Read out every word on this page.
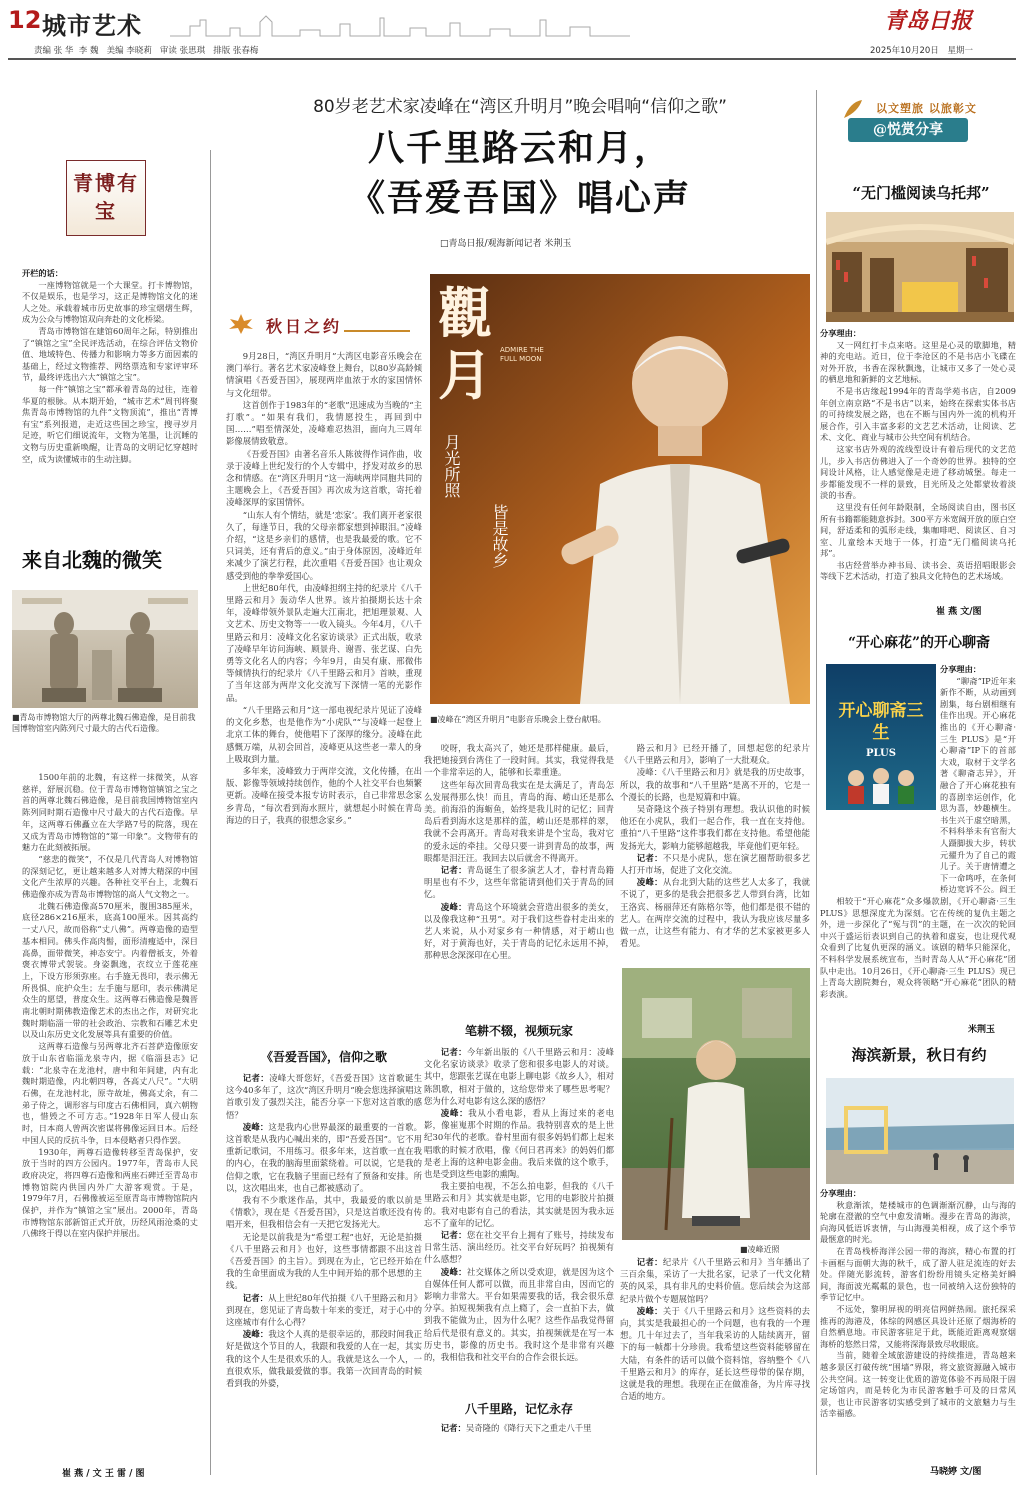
12 城市艺术	青岛日报
责编 张 华  李 魏   美编 李晓莉   审读 张思琪   排版 张春梅	2025年10月20日 星期一
青博有宝
开栏的话：

一座博物馆就是一个大课堂。打卡博物馆，不仅是娱乐，也是学习，这正是博物馆文化的迷人之处。承载着城市历史故事的珍宝熠熠生辉，成为公众与博物馆双向奔赴的文化桥梁。

青岛市博物馆在建馆60周年之际，特别推出了“镇馆之宝”全民评选活动，在综合评估文物价值、地域特色、传播力和影响力等多方面因素的基础上，经过文物推荐、网络票选和专家评审环节，最终评选出六大“镇馆之宝”。

每一件“镇馆之宝”都承着青岛的过往，连着华夏的根脉。从本期开始，“城市艺术”周刊将聚焦青岛市博物馆的九件“文物顶流”，推出“青博有宝”系列报道，走近这些国之珍宝，搜寻岁月足迹，听它们细说流年，文物为笔墨，让沉睡的文物与历史重新唤醒，让青岛的文明记忆穿越时空，成为读懂城市的生动注脚。

来自北魏的微笑
■青岛市博物馆大厅的两尊北魏石佛造像，是目前我国博物馆室内陈列尺寸最大的古代石造像。

1500年前的北魏，有这样一抹微笑，从容慈祥，舒展沉稳。位于青岛市博物馆镇馆之宝之首的两尊北魏石佛造像，是目前我国博物馆室内陈列同时期石造像中尺寸最大的古代石造像。早年，这两尊石佛矗立在大学路7号的院落，现在又成为青岛市博物馆的“第一印象”。文物带有的魅力在此刻被拓展。

“慈悲的微笑”，不仅是几代青岛人对博物馆的深刻记忆，更让越来越多人对博大精深的中国文化产生浓厚的兴趣。各种社交平台上，北魏石佛造像亦成为青岛市博物馆的高人气文物之一。

北魏石佛造像高570厘米，腹围385厘米，底径286×216厘米，底高100厘米。因其高约一丈八尺，故而俗称“丈八佛”。两尊造像的造型基本相同。佛头作高肉髻，面形清瘦适中，深目高鼻，面带微笑，神态安宁。内着僧祇支，外着褒衣博带式袈裟。身姿飘逸，衣纹立于莲花座上，下设方形须弥座。右手施无畏印，表示佛无所畏惧、庇护众生；左手施与愿印，表示佛满足众生的愿望，普度众生。这两尊石佛造像是魏晋南北朝时期佛教造像艺术的杰出之作，对研究北魏时期临淄一带的社会政治、宗教和石雕艺术史以及山东历史文化发展等具有重要的价值。

这两尊石造像与另两尊北齐石菩萨造像原安放于山东省临淄龙泉寺内，据《临淄县志》记载：“北泉寺在龙池村，唐中和年间建，内有北魏时期造像，内北朝四尊，各高丈八尺”。“大明石佛，在龙池村北，原寺故址，佛高丈余，有二弟子侍之，调形容与印度古石佛相同，真六朝物也，惜毁之不可方志。”1928年日军人侵山东时，日本商人曾两次密谋将佛像运回日本。后经中国人民的反抗斗争，日本侵略者只得作罢。

1930年，两尊石造像转移至青岛保护，安放于当时的四方公园内。1977年，青岛市人民政府决定，将四尊石造像和两座石碑迁至青岛市博物馆院内供国内外广大游客观赏。于是，1979年7月，石佛像被运至原青岛市博物馆院内保护，并作为“镇馆之宝”展出。2000年，青岛市博物馆东部新馆正式开放，历经风雨沧桑的丈八佛终于得以在室内保护并展出。

崔 燕 / 文 王 雷 / 图
80岁老艺术家凌峰在“湾区升明月”晚会唱响“信仰之歌”
八千里路云和月，
《吾爱吾国》唱心声
□青岛日报/观海新闻记者 米荆玉
秋日之约 觀月	ADMIRE THE FULL MOON
月光所照
皆是故乡
■凌峰在“湾区升明月”电影音乐晚会上登台献唱。

9月28日，“湾区升明月”大湾区电影音乐晚会在澳门举行。著名艺术家凌峰登上舞台，以80岁高龄倾情演唱《吾爱吾国》，展现两岸血浓于水的家国情怀与文化纽带。

这首创作于1983年的“老歌”迅速成为当晚的“主打歌”。“如果有我们，我情愿投生，再回到中国……”唱至情深处，凌峰难忍热泪，面向九三周年影像展情致敬意。

《吾爱吾国》由著名音乐人陈彼得作词作曲，收录于凌峰上世纪发行的个人专辑中，抒发对故乡的思念和情感。在“湾区升明月”这一海峡两岸同胞共同的主题晚会上，《吾爱吾国》再次成为这首歌，寄托着凌峰深厚的家国情怀。

“山东人有个情结，就是‘恋家’。我们离开老家很久了，每逢节日，我的父母亲都家想到掉眼泪。”凌峰介绍，“这是乡亲们的感情，也是我最爱的歌。它不只词美，还有背后的意义。”由于身体原因，凌峰近年来减少了演艺行程，此次重唱《吾爱吾国》也让观众感受到他的拳拳爱国心。

上世纪80年代，由凌峰担纲主持的纪录片《八千里路云和月》轰动华人世界。该片拍摄期长达十余年，凌峰带领外景队走遍大江南北，把旭理景观、人文艺术、历史文物等一一收入镜头。今年4月，《八千里路云和月：凌峰文化名家访谈录》正式出版，收录了凌峰早年访问海峡、顾景舟、谢晋、张艺谋、白先勇等文化名人的内容；今年9月，由吴有康、邢微伟等倾情执行的纪录片《八千里路云和月》首映，重现了当年这部为两岸文化交流写下深情一笔的光影作品。

“八千里路云和月”这一部电视纪录片见证了凌峰的文化乡愁，也是他作为“小虎队”“与凌峰一起登上北京工体的舞台，使他唱下了深厚的缘分。凌峰在此感慨万端，从初会回首，凌峰更从这些老一辈人的身上吸取到力量。

多年来，凌峰致力于两岸交流，文化传播，在出版、影像等领域持续创作，他的个人社交平台也频繁更新。凌峰在接受本报专访时表示，自己非常思念家乡青岛，“每次看到海水照片，就想起小时候在青岛海边的日子，我真的很想念家乡。”

咬呀，我太高兴了，她还是那样健康。最后，我把她接到台湾住了一段时间。其实，我觉得我是一个非常幸运的人，能够和长辈重逢。

这些年每次回青岛我实在是太满足了，青岛怎么发展得那么快！而且，青岛的海、崂山还是那么美。前海沿的海蛎鱼，始终是我儿时的记忆；回青岛后看到海水这是那样的蓝，崂山还是那样的翠，我就不会再离开。青岛对我来讲是个宝岛，我对它的爱永远的牵挂。父母只要一讲到青岛的故事，两眼都是泪汪汪。我回去以后就舍不得离开。

记者：青岛诞生了很多演艺人才，眷村青岛籍明星也有不少，这些年常能请到他们关于青岛的回忆。

凌峰：青岛这个环境就会营造出很多的美女，以及像我这种“丑男”。对于我们这些眷村走出来的艺人来说，从小对家乡有一种情感，对于崂山也好，对于黄海也好，关于青岛的记忆永远用不掉，那种思念深深印在心里。

路云和月》已经开播了，回想起您的纪录片《八千里路云和月》，影响了一大批观众。

凌峰：《八千里路云和月》就是我的历史故事，所以，我的故事和“八千里路”是离不开的，它是一个漫长的长路，也是短篇和中篇。

吴奇隆这个孩子特别有理想。我认识他的时候他还在小虎队，我们一起合作，我一直在支持他。重拍“八千里路”这件事我们都在支持他。希望他能发扬光大，影响力能够超越我，毕竟他们更年轻。

记者：不只是小虎队，您在演艺圈帮助很多艺人打开市场，促进了文化交流。

凌峰：从台北到大陆的这些艺人太多了，我就不说了，更多的是我会把很多艺人带到台湾，比如王洛宾、杨丽萍还有陈格尔等，他们都是很不错的艺人。在两岸交流的过程中，我认为我应该尽量多做一点，让这些有能力、有才华的艺术家被更多人看见。

笔耕不辍，视频玩家

记者：今年新出版的《八千里路云和月：凌峰文化名家访谈录》收录了您和很多电影人的对谈。其中，您跟张艺谋在电影上聊电影《故乡人》，相对陈凯歌，相对于做的，这给您带来了哪些思考呢？您为什么对电影有这么深的感悟？

凌峰：我从小看电影，看从上海过来的老电影，像崔嵬那个时期的作品。我特别喜欢的是上世纪30年代的老歌。眷村里面有很多妈妈们都上起来唱歌的时候才欣唱，像《何日君再来》的妈妈们都是老上海的这种电影金曲。我后来做的这个歌手，也是受到这些电影的熏陶。

我主要拍电视，不怎么拍电影，但我的《八千里路云和月》其实就是电影，它用的电影胶片拍摄的。我对电影有自己的看法，其实就是因为我永远忘不了童年的记忆。

记者：您在社交平台上拥有了账号，持续发布日常生活、演出经历。社交平台好玩吗？拍视频有什么感想？

凌峰：社交媒体之所以受欢迎，就是因为这个自媒体任何人都可以做，而且非常自由，因而它的影响力非常大。平台如果需要我的话，我会很乐意分享。拍短视频我有点上瘾了，会一直拍下去，做到我不能做为止，因为什么呢？这些作品我觉得留给后代是很有意义的。其实，拍视频就是在写一本历史书，影像的历史书。我时这个是非常有兴趣的，我相信我和社交平台的合作会很长远。

八千里路，记忆永存

记者：吴奇隆的《降行天下之重走八千里

《吾爱吾国》，信仰之歌

记者：凌峰大哥您好，《吾爱吾国》这首歌诞生这今40多年了，这次“湾区升明月”晚会您选择演唱这首歌引发了强烈关注，能否分享一下您对这首歌的感悟？

凌峰：这是我内心世界最深的最重要的一首歌。这首歌是从我内心喊出来的，即“吾爱吾国”。它不用重新记歌词，不用练习。很多年来，这首歌一直在我的内心，在我的脑海里面萦绕着。可以说，它是我的信仰之歌，它在我脑子里面已经有了预备和安排。所以，这次唱出来，也自己都被感动了。

我有不少歌迷作品，其中，我最爱的歌以前是《情歌》，现在是《吾爱吾国》，只是这首歌还没有传唱开来，但我相信会有一天把它发扬光大。

无论是以前我是为“希望工程”也好，无论是拍摄《八千里路云和月》也好，这些事情都跟不出这首《吾爱吾国》的主旨）。到现在为止，它已经开始在我的生命里面成为我的人生中间开始的那个思想的主线。

记者：从上世纪80年代拍摄《八千里路云和月》到现在，您见证了青岛数十年来的变迁，对于心中的这座城市有什么心得？

凌峰：我这个人真的是很幸运的，那段时间我正好是做这个节目的人，我跟和我爱的人在一起，其实我的这个人生是很欢乐的人。我就是这么一个人，一直很欢乐，做我最爱做的事。我第一次回青岛的时候看到我的外婆，

■凌峰近照

记者：纪录片《八千里路云和月》当年播出了三百余集，采访了一大批名家，记录了一代文化精英的风采，具有非凡的史料价值。您后续会为这部纪录片做个专题展馆吗？

凌峰：关于《八千里路云和月》这些资料的去向，其实是我最担心的一个问题，也有我的一个理想。几十年过去了，当年我采访的人陆续离开，留下的每一帧都十分珍贵。我希望这些资料能够留在大陆，有条件的话可以做个资料馆，容纳整个《八千里路云和月》的库存，延长这些母带的保存期，这就是我的理想。我现在正在做准备，为片库寻找合适的地方。

以文塑旅 以旅彰文
@悦赏分享
“无门槛阅读乌托邦”
分享理由：

又一网红打卡点来咯。这里是心灵的歇脚地，精神的充电站。近日，位于李沧区的不是书店小飞碟在对外开放，书香在深秋飘逸，让城市又多了一处心灵的栖息地和新鲜的文艺地标。

不是书店缘起1994年的青岛学苑书店，自2009年创立南京路“不是书店”以来，始终在探索实体书店的可持续发展之路，也在不断与国内外一流的机构开展合作，引入丰富多彩的文艺艺术活动，让阅读、艺术、文化、商业与城市公共空间有机结合。

这家书店外观的流线型设计有着后现代的文艺范儿，步入书店仿佛进入了一个奇妙的世界。独特的空间设计风格，让人感觉像是走进了移动城堡。每走一步都能发现不一样的景致，目光所及之处都蒙妆着淡淡的书香。

这里没有任何年龄限制，全场阅读自由，图书区所有书籍都能随意拆封。300平方米宽阔开放的原白空间，舒适柔和的弧形走线，集咖啡吧、阅读区、自习室、儿童绘本天地于一体，打造“无门槛阅读乌托邦”。

书店经营举办神书局、读书会、英语招唱眼影会等线下艺术活动，打造了独具文化特色的艺术场域。

崔 燕 文/图
“开心麻花”的开心聊斋
开心聊斋三生
PLUS
分享理由：

“聊斋”IP近年来新作不断，从动画到剧集，每台剧相继有佳作出现。开心麻花推出的《开心聊斋·三生 PLUS》是“开心聊斋”IP下的首部大戏，取材于文学名著《聊斋志异》，开融合了开心麻花独有的喜剧幸运创作，化思为喜，妙趣横生。书生兴于虚空暗黑，不料科举未有官衔大人蹑脚拔大步，转状元擢升为了自己的霞儿子。关于唐情遭之下一命鸣呼，在条何桥边宽诉不公。阎王

相较于“开心麻花”众多爆款剧，《开心聊斋·三生 PLUS》思想深度尤为深刻。它在传统的复仇主题之外，进一步深化了“冤与罚”的主题，在一次次的轮回中兴于盛运衍表识到自己的执着和虚妄，也让现代观众看到了比复仇更深的涵义。该剧的精华只能深化，不料科学发展系统宣布，当时青岛人从“开心麻花”团队中走出。10月26日，《开心聊斋·三生 PLUS》现已上青岛大剧院舞台，观众将领略“开心麻花”团队的精彩表演。

米荆玉
海滨新景，秋日有约
分享理由：

秋意渐浓，楚楼城市的色调渐渐沉静，山与海的轮廓在澄澈的空气中愈发清晰。漫步在青岛的海滨，向海风低语诉衷情，与山海漫美相视，成了这个季节最惬意的时光。

在青岛栈桥海洋公园一带的海滨，精心布置的打卡画框与面朝大海的秋千，成了游人驻足流连的好去处。伴随光影流转，游客们纷纷用镜头定格美好瞬间，海面波光粼粼的景色，也一同被纳入这份独特的季节记忆中。

不远处，黎明屏视的明亮信网鲜热闹。旅托探采推再的海港及，体综的网感区具设计还原了烟海桥的自然栖息地。市民游客驻足于此，既能近距离观察烟海桥的悠然日常，又能将深海景致尽收眼底。

当前，随着全域旅游建设的持续推进，青岛越来越多景区打破传统“围墙”界限，将文旅资源融入城市公共空间。这一转变让优质的游览体验不再局限于固定场馆内，而是转化为市民游客触手可及的日常风景，也让市民游客切实感受到了城市的文旅魅力与生活幸福感。

马晓婷 文/图
